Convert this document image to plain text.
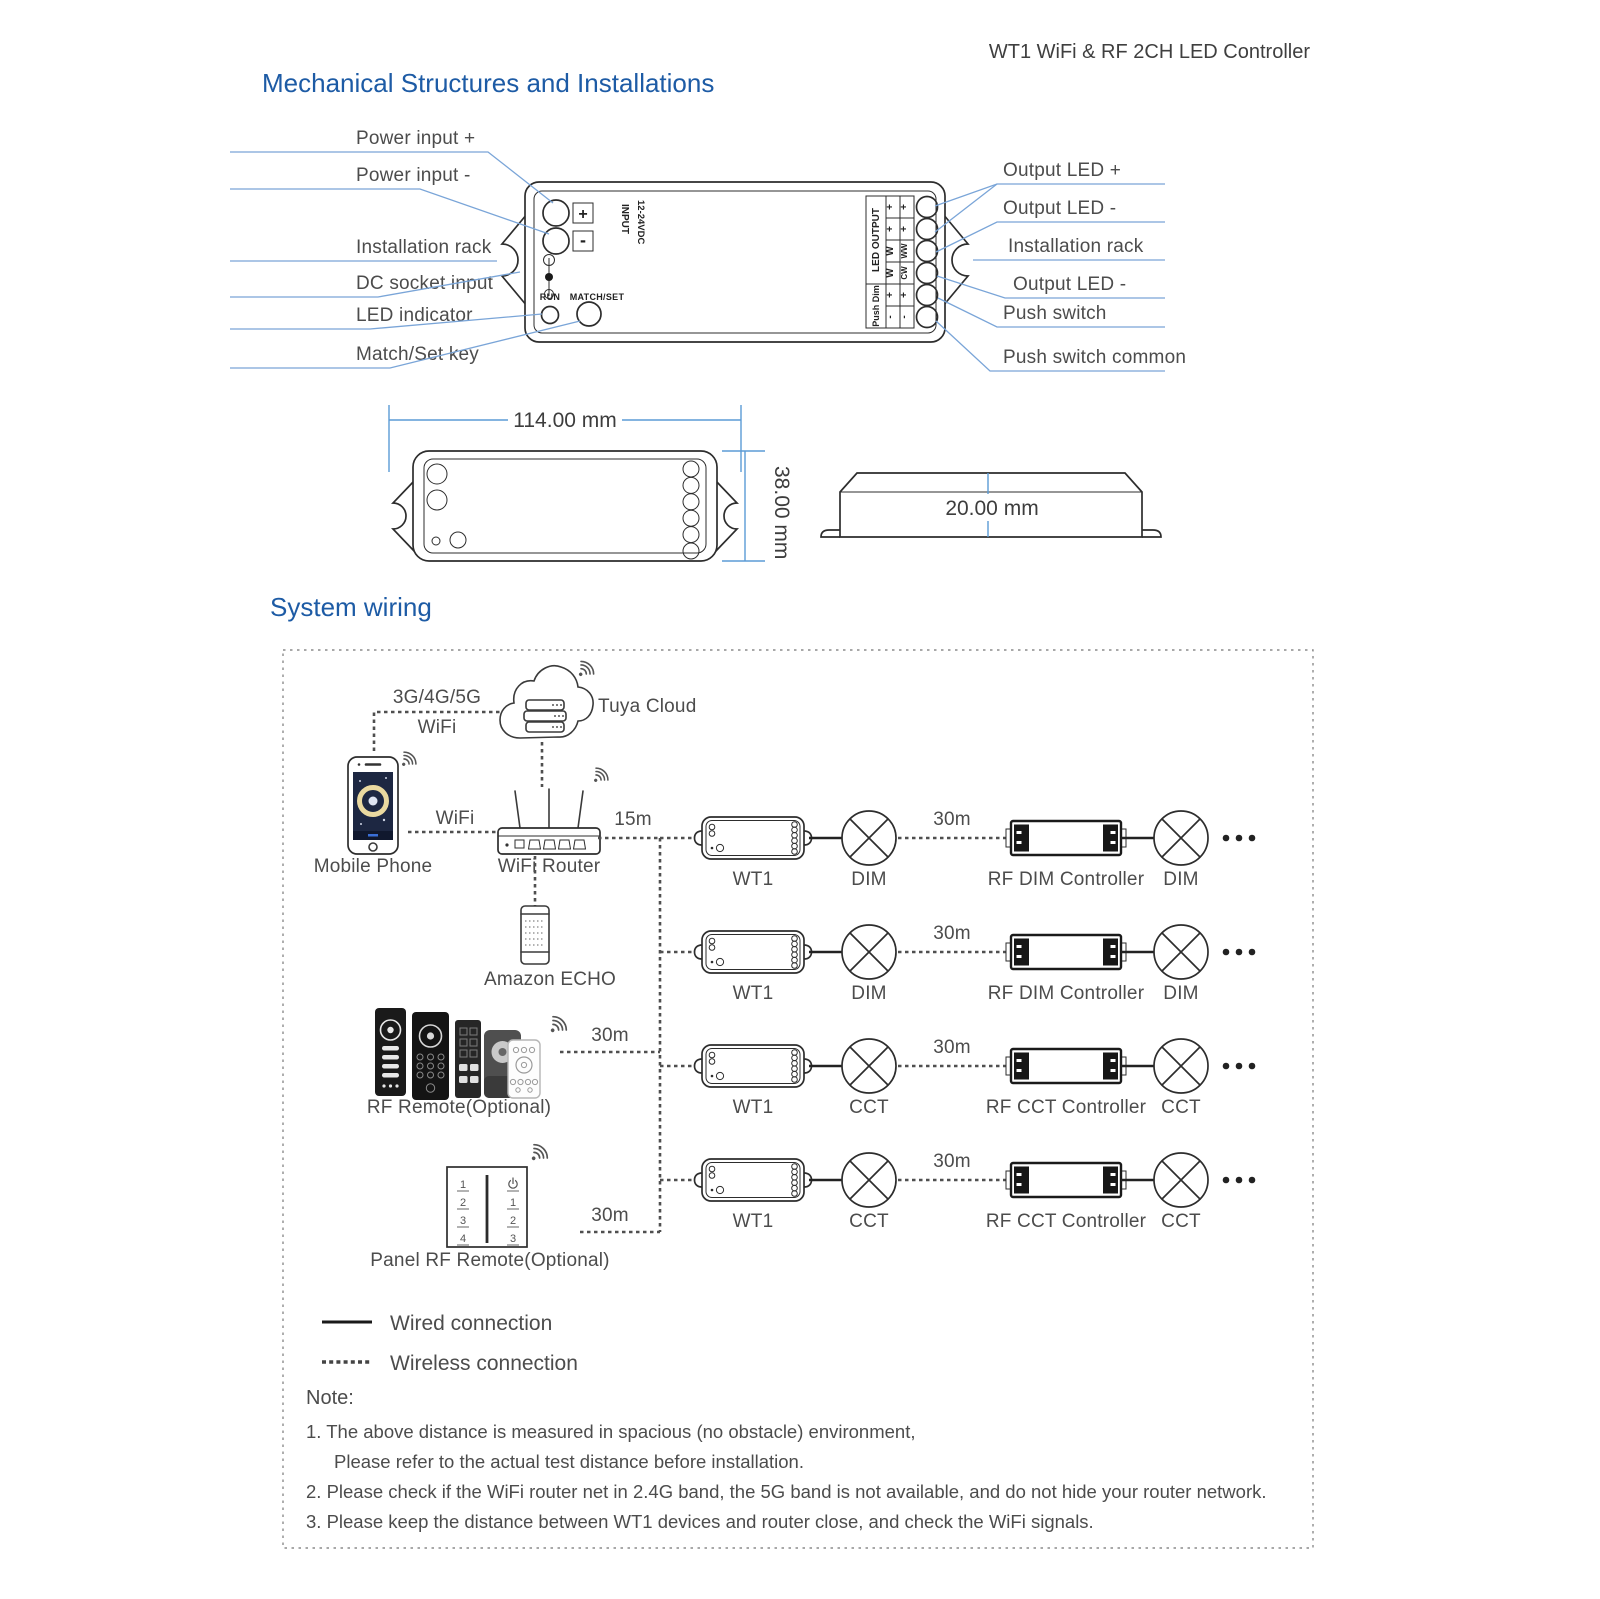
WT1 WiFi & RF 2CH LED Controller
Mechanical Structures and Installations
+
-
INPUT 12-24VDC
RUN MATCH/SET
LED OUTPUT
Push Dim
+ +
+ +
W WW
W CW
+ +
- -
Power input +
Power input -
Installation rack
DC socket input
LED indicator
Match/Set key
Output LED +
Output LED -
Installation rack
Output LED -
Push switch
Push switch common
114.00 mm
38.00 mm	20.00 mm
System wiring
3G/4G/5G
WiFi
Tuya Cloud
Mobile Phone
WiFi
WiFi Router
Amazon ECHO
RF Remote(Optional)
30m
1
2
3
4
1
2
3
Panel RF Remote(Optional)
30m
15m	30m
WT1	DIM	RF DIM Controller DIM
30m
WT1	DIM	RF DIM Controller DIM
30m
WT1	CCT	RF CCT Controller CCT
30m
WT1	CCT	RF CCT Controller CCT
Wired connection
Wireless connection
Note:
1. The above distance is measured in spacious (no obstacle) environment,
Please refer to the actual test distance before installation.
2. Please check if the WiFi router net in 2.4G band, the 5G band is not available, and do not hide your router network.
3. Please keep the distance between WT1 devices and router close, and check the WiFi signals.
